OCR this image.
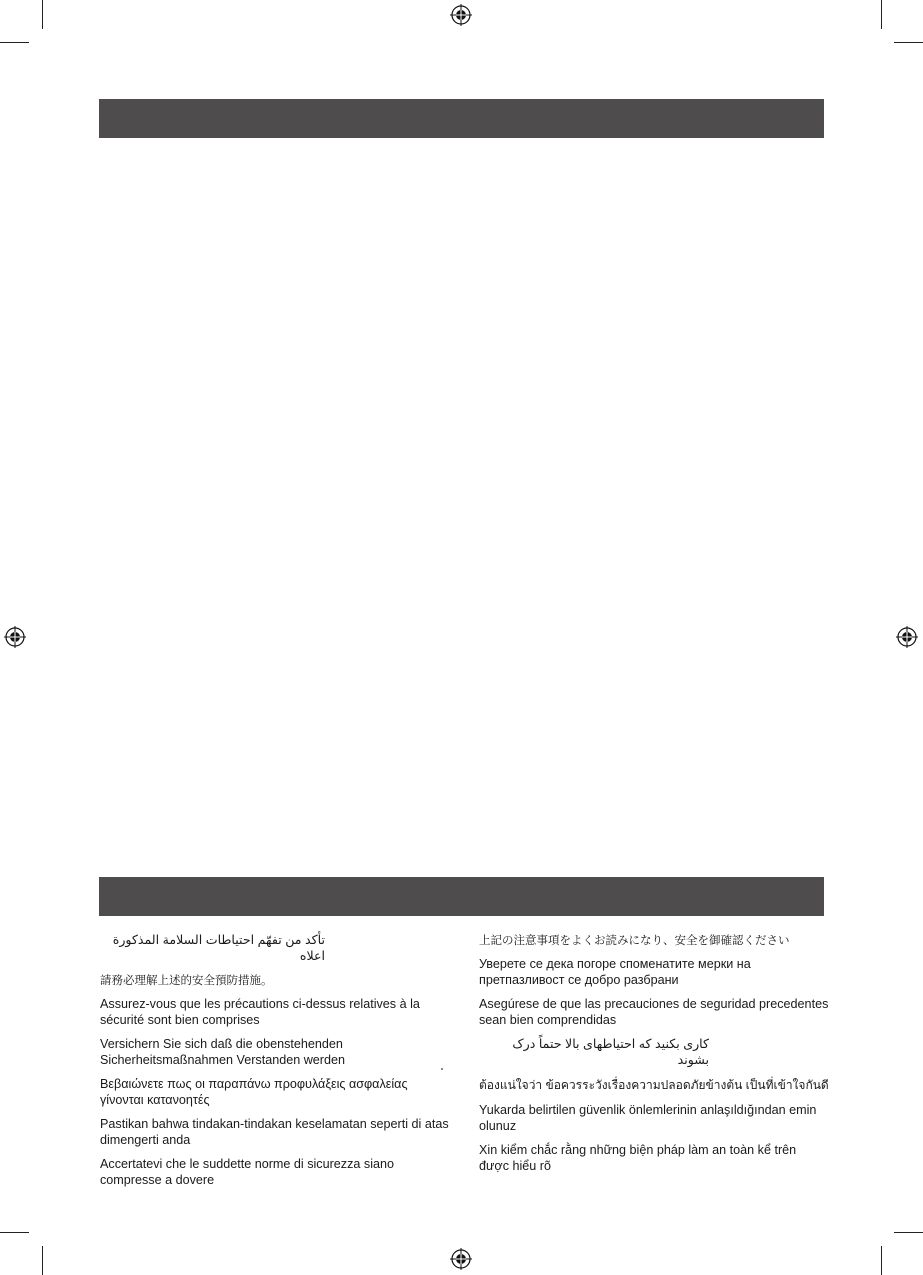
تأكد من تفهّم احتياطات السلامة المذكورة اعلاه

請務必理解上述的安全預防措施。

Assurez-vous que les précautions ci-dessus relatives à la sécurité sont bien comprises

Versichern Sie sich daß die obenstehenden Sicherheitsmaßnahmen Verstanden werden

Βεβαιώνετε πως οι παραπάνω προφυλάξεις ασφαλείας γίνονται κατανοητές

Pastikan bahwa tindakan-tindakan keselamatan seperti di atas dimengerti anda

Accertatevi che le suddette norme di sicurezza siano compresse a dovere

上記の注意事項をよくお読みになり、安全を御確認ください

Уверете се дека погоре споменатите мерки на претпазливост се добро разбрани

Asegúrese de que las precauciones de seguridad precedentes sean bien comprendidas

کاری بکنید که احتیاطهای بالا حتماً درک بشوند

ต้องแน่ใจว่า ข้อควรระวังเรื่องความปลอดภัยข้างต้น เป็นที่เข้าใจกันดี

Yukarda belirtilen güvenlik önlemlerinin anlaşıldığından emin olunuz

Xin kiểm chắc rằng những biện pháp làm an toàn kể trên được hiểu rõ
